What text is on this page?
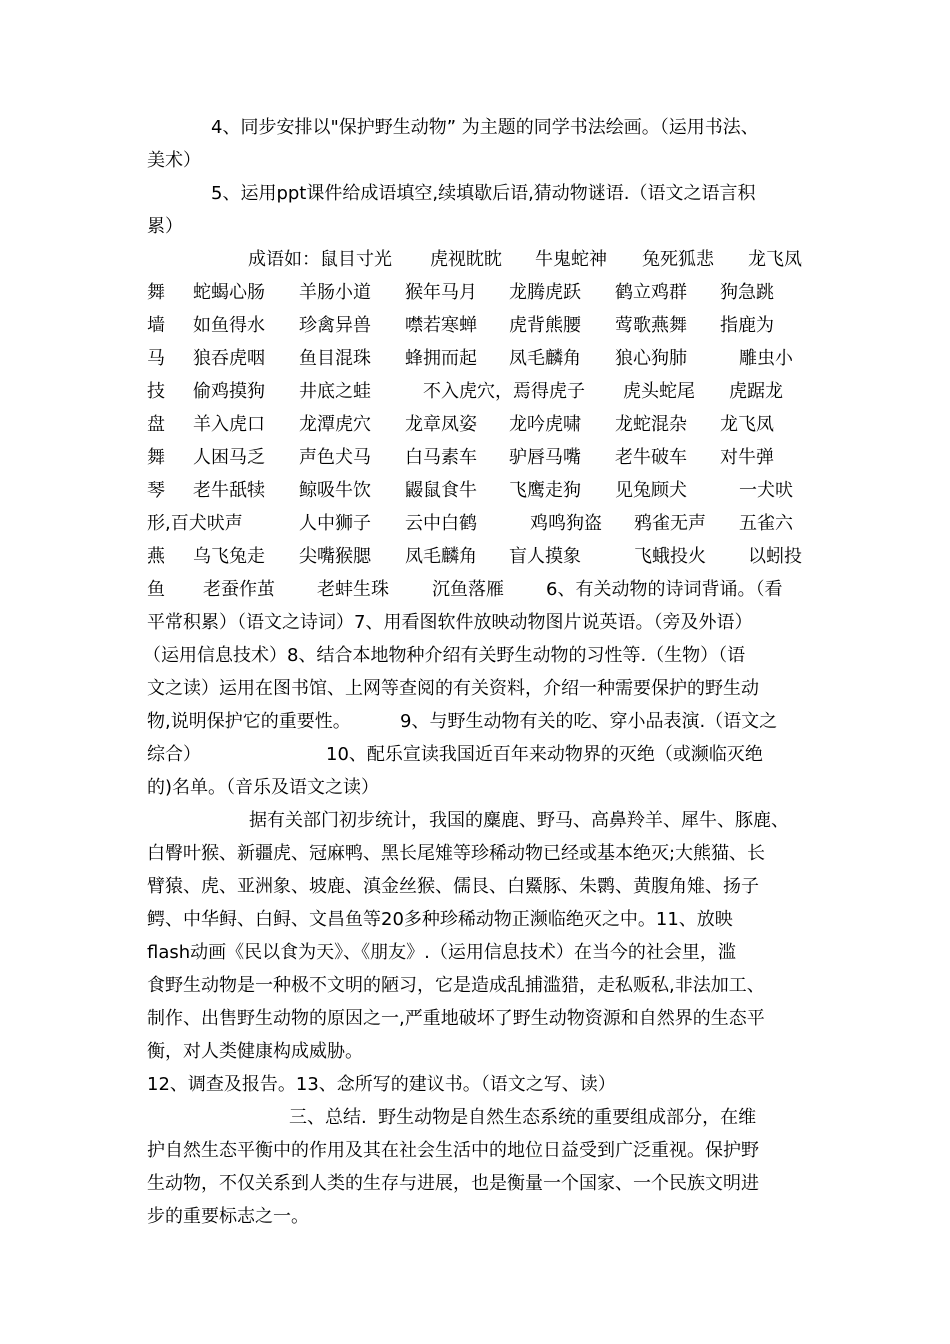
4、同步安排以"保护野生动物” 为主题的同学书法绘画。（运用书法、
美术）
5、运用ppt课件给成语填空,续填歇后语,猜动物谜语.（语文之语言积
累）
成语如：鼠目寸光 虎视眈眈 牛鬼蛇神 兔死狐悲 龙飞凤
舞 蛇蝎心肠 羊肠小道 猴年马月 龙腾虎跃 鹤立鸡群 狗急跳
墙 如鱼得水 珍禽异兽 噤若寒蝉 虎背熊腰 莺歌燕舞 指鹿为
马 狼吞虎咽 鱼目混珠 蜂拥而起 凤毛麟角 狼心狗肺	雕虫小
技 偷鸡摸狗 井底之蛙	不入虎穴，焉得虎子 虎头蛇尾 虎踞龙
盘 羊入虎口 龙潭虎穴 龙章凤姿 龙吟虎啸 龙蛇混杂 龙飞凤
舞 人困马乏 声色犬马 白马素车 驴唇马嘴 老牛破车 对牛弹
琴 老牛舐犊 鲸吸牛饮 鼹鼠食牛 飞鹰走狗 见兔顾犬	一犬吠
形,百犬吠声	人中狮子 云中白鹤	鸡鸣狗盗 鸦雀无声 五雀六
燕 乌飞兔走 尖嘴猴腮 凤毛麟角 盲人摸象	飞蛾投火 以蚓投
鱼 老蚕作茧 老蚌生珠 沉鱼落雁 6、有关动物的诗词背诵。（看
平常积累）（语文之诗词）7、用看图软件放映动物图片说英语。（旁及外语）
（运用信息技术）8、结合本地物种介绍有关野生动物的习性等.（生物）（语
文之读）运用在图书馆、上网等查阅的有关资料，介绍一种需要保护的野生动
物,说明保护它的重要性。	9、与野生动物有关的吃、穿小品表演.（语文之
综合）	10、配乐宣读我国近百年来动物界的灭绝（或濒临灭绝
的)名单。（音乐及语文之读）
据有关部门初步统计，我国的麋鹿、野马、高鼻羚羊、犀牛、豚鹿、
白臀叶猴、新疆虎、冠麻鸭、黑长尾雉等珍稀动物已经或基本绝灭;大熊猫、长
臂猿、虎、亚洲象、坡鹿、滇金丝猴、儒艮、白鱀豚、朱鹮、黄腹角雉、扬子
鳄、中华鲟、白鲟、文昌鱼等20多种珍稀动物正濒临绝灭之中。11、放映
flash动画《民以食为天》、《朋友》.（运用信息技术）在当今的社会里，滥
食野生动物是一种极不文明的陋习，它是造成乱捕滥猎，走私贩私,非法加工、
制作、出售野生动物的原因之一,严重地破坏了野生动物资源和自然界的生态平
衡，对人类健康构成威胁。
12、调查及报告。13、念所写的建议书。（语文之写、读）
三、总结.  野生动物是自然生态系统的重要组成部分，在维
护自然生态平衡中的作用及其在社会生活中的地位日益受到广泛重视。保护野
生动物，不仅关系到人类的生存与进展，也是衡量一个国家、一个民族文明进
步的重要标志之一。
